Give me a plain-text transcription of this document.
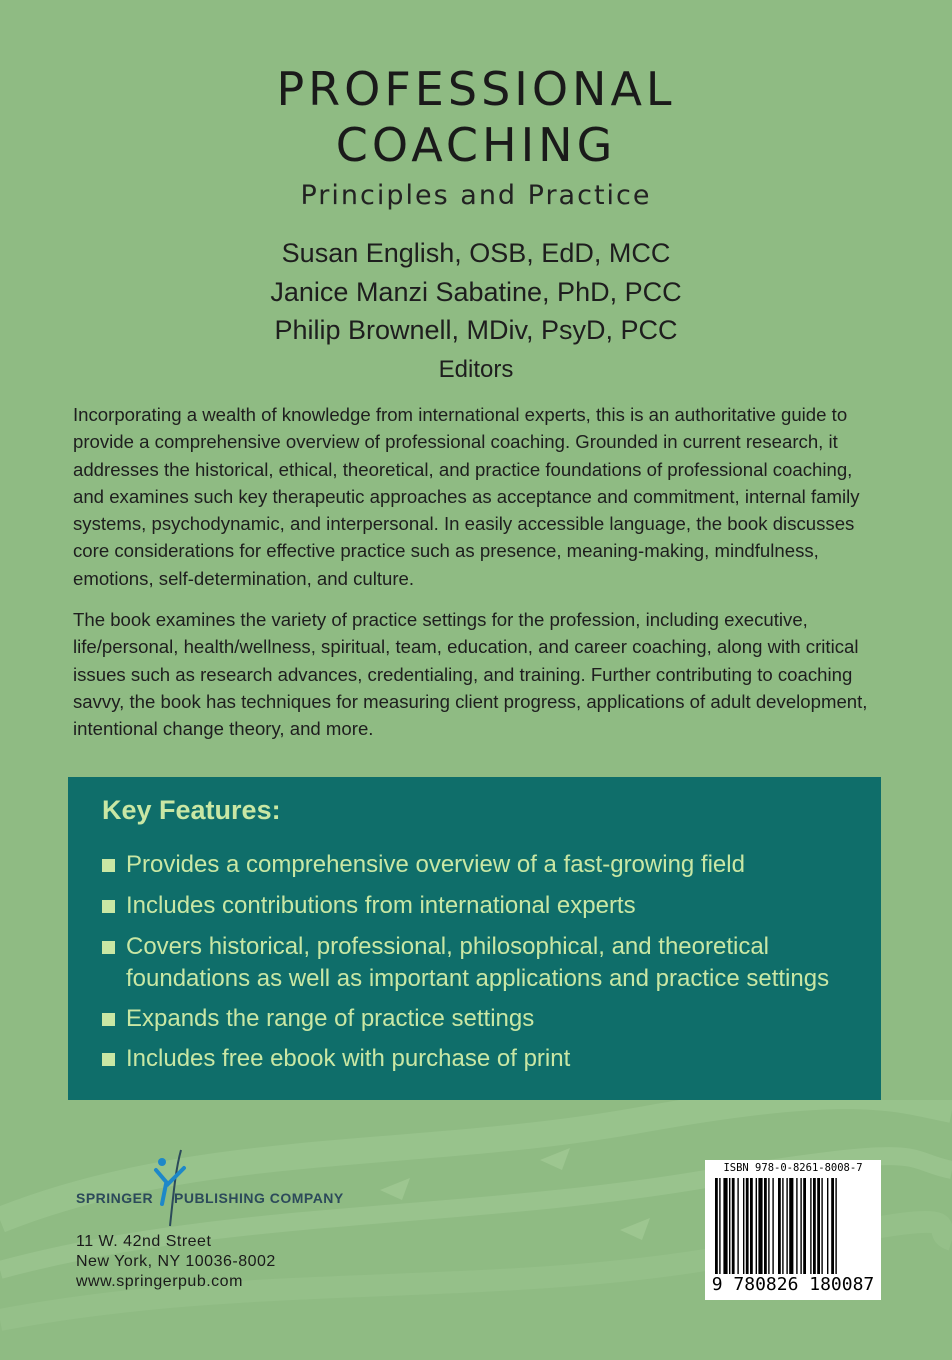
PROFESSIONAL
COACHING
Principles and Practice
Susan English, OSB, EdD, MCC
Janice Manzi Sabatine, PhD, PCC
Philip Brownell, MDiv, PsyD, PCC
Editors

Incorporating a wealth of knowledge from international experts, this is an authoritative guide to provide a comprehensive overview of professional coaching. Grounded in current research, it addresses the historical, ethical, theoretical, and practice foundations of professional coaching, and examines such key therapeutic approaches as acceptance and commitment, internal family systems, psychodynamic, and interpersonal. In easily accessible language, the book discusses core considerations for effective practice such as presence, meaning-making, mindfulness, emotions, self-determination, and culture.

The book examines the variety of practice settings for the profession, including executive, life/personal, health/wellness, spiritual, team, education, and career coaching, along with critical issues such as research advances, credentialing, and training. Further contributing to coaching savvy, the book has techniques for measuring client progress, applications of adult development, intentional change theory, and more.

Key Features:
Provides a comprehensive overview of a fast-growing field
Includes contributions from international experts
Covers historical, professional, philosophical, and theoretical foundations as well as important applications and practice settings
Expands the range of practice settings
Includes free ebook with purchase of print
SPRINGER PUBLISHING COMPANY
11 W. 42nd Street
New York, NY 10036-8002
www.springerpub.com
ISBN 978-0-8261-8008-7
9 780826 180087
